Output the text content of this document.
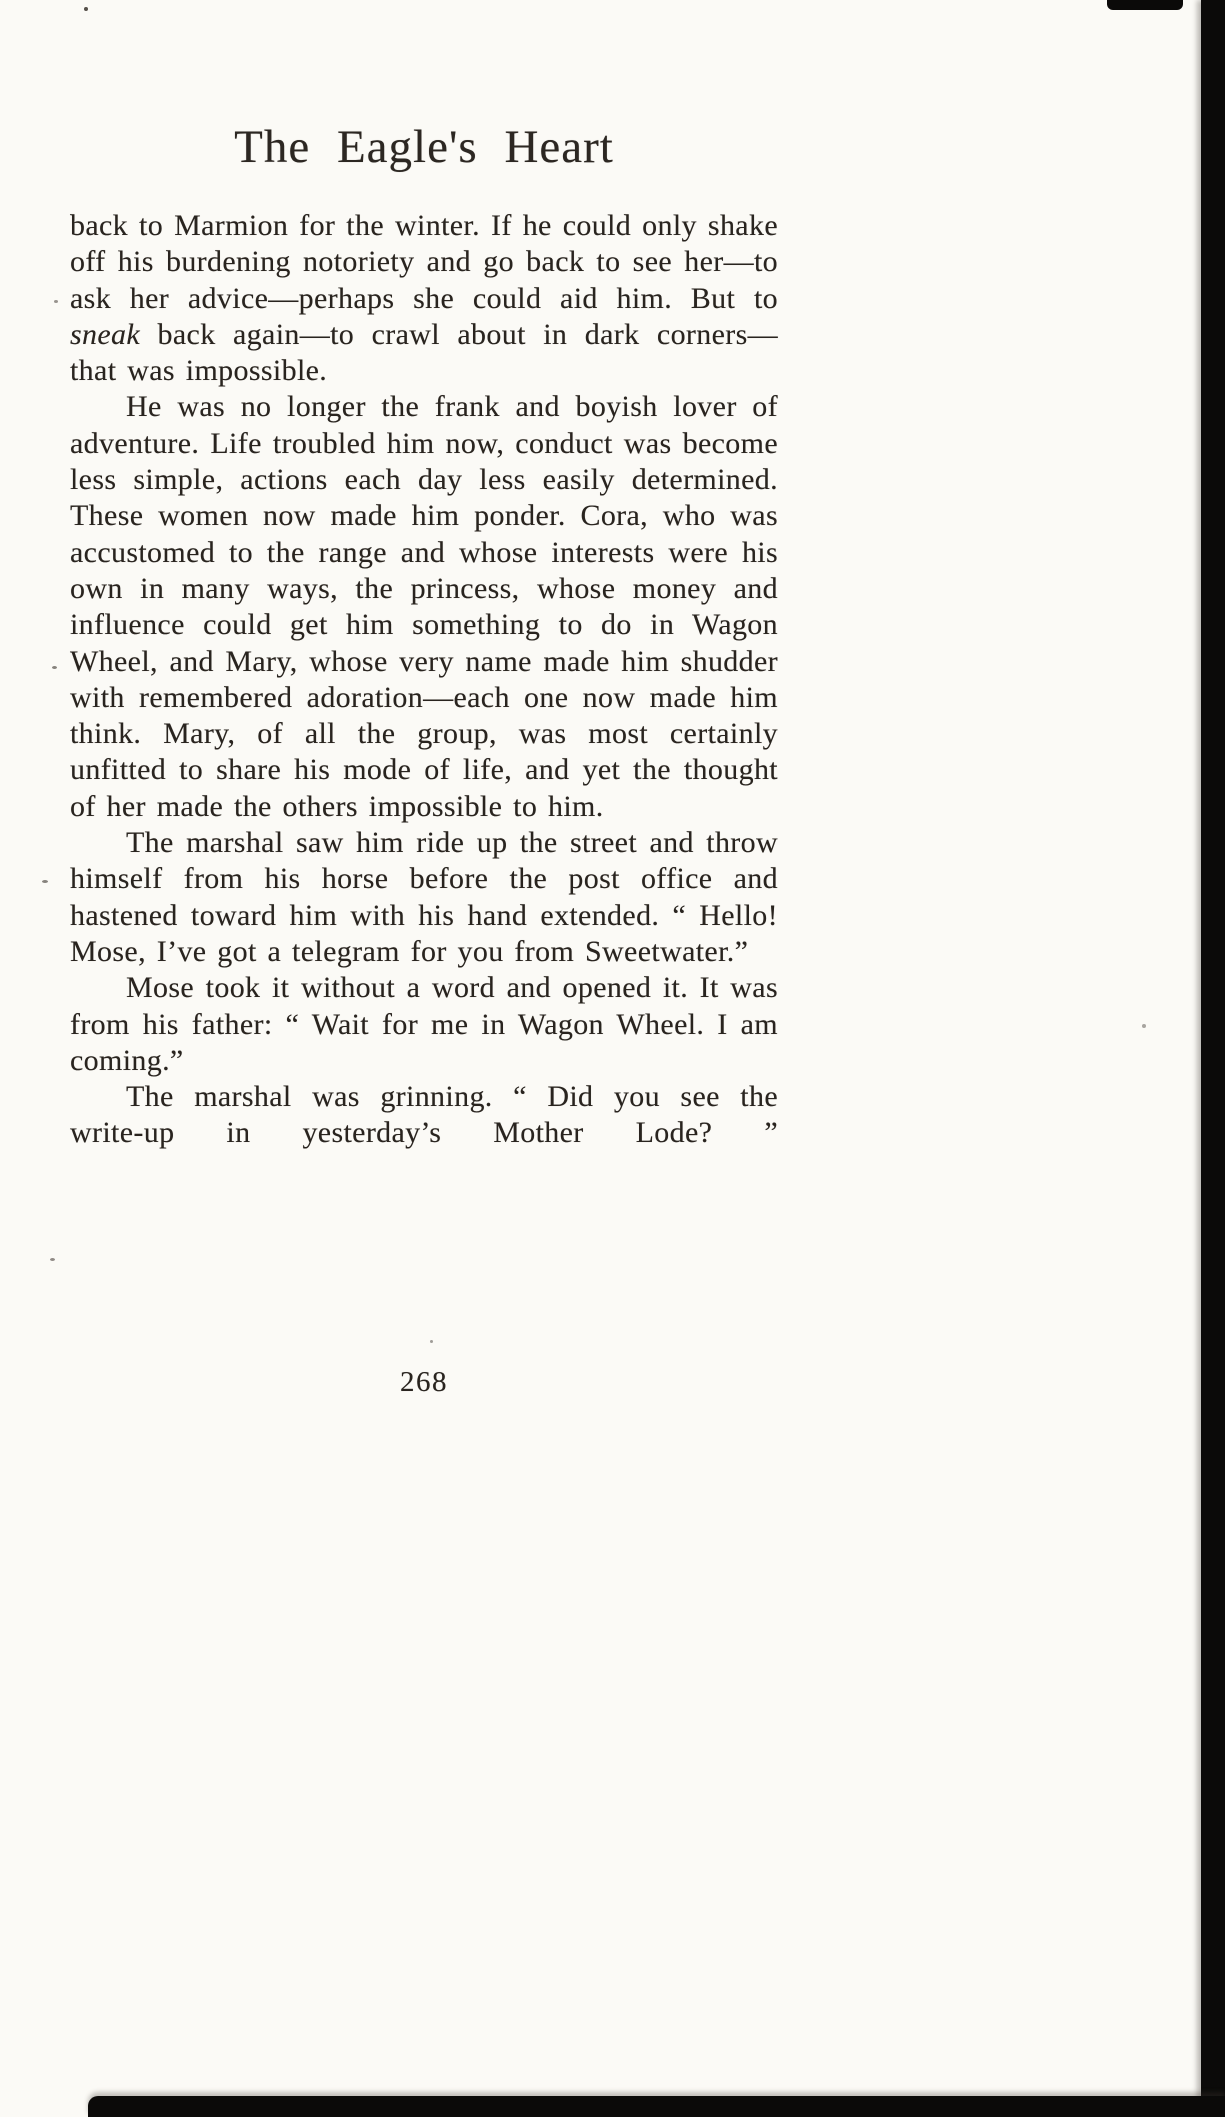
The Eagle's Heart

back to Marmion for the winter. If he could only shake off his burdening notoriety and go back to see her—to ask her advice—perhaps she could aid him. But to sneak back again—to crawl about in dark corners—that was impossible.

He was no longer the frank and boyish lover of adventure. Life troubled him now, conduct was become less simple, actions each day less easily determined. These women now made him ponder. Cora, who was accustomed to the range and whose interests were his own in many ways, the princess, whose money and influence could get him something to do in Wagon Wheel, and Mary, whose very name made him shudder with remembered adoration—each one now made him think. Mary, of all the group, was most certainly unfitted to share his mode of life, and yet the thought of her made the others impossible to him.

The marshal saw him ride up the street and throw himself from his horse before the post office and hastened toward him with his hand extended. “ Hello! Mose, I’ve got a telegram for you from Sweetwater.”

Mose took it without a word and opened it. It was from his father: “ Wait for me in Wagon Wheel. I am coming.”

The marshal was grinning. “ Did you see the write-up in yesterday’s Mother Lode? ”

268
